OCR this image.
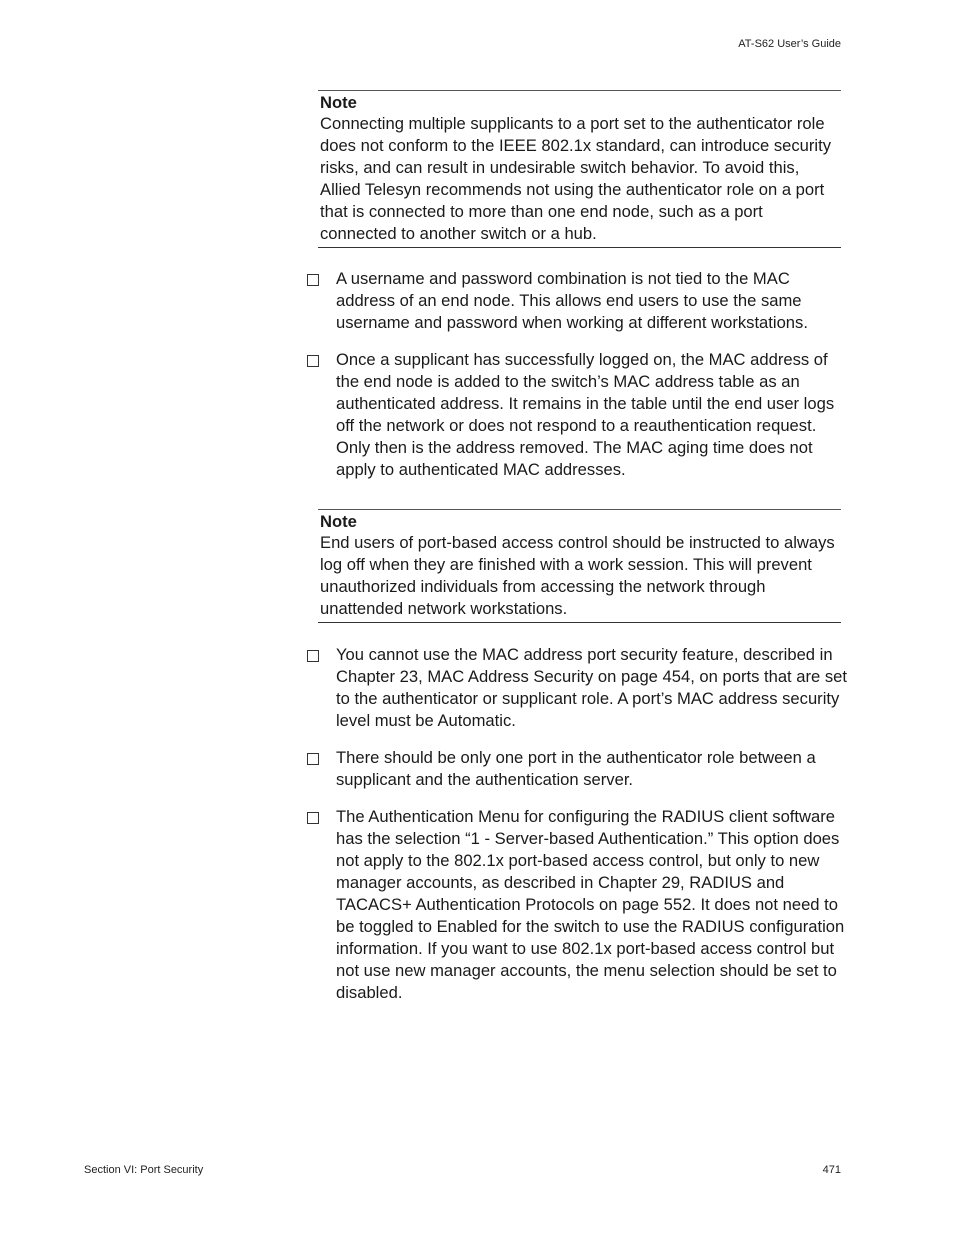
AT-S62 User’s Guide
Note
Connecting multiple supplicants to a port set to the authenticator role does not conform to the IEEE 802.1x standard, can introduce security risks, and can result in undesirable switch behavior. To avoid this, Allied Telesyn recommends not using the authenticator role on a port that is connected to more than one end node, such as a port connected to another switch or a hub.
A username and password combination is not tied to the MAC address of an end node. This allows end users to use the same username and password when working at different workstations.
Once a supplicant has successfully logged on, the MAC address of the end node is added to the switch’s MAC address table as an authenticated address. It remains in the table until the end user logs off the network or does not respond to a reauthentication request. Only then is the address removed. The MAC aging time does not apply to authenticated MAC addresses.
Note
End users of port-based access control should be instructed to always log off when they are finished with a work session. This will prevent unauthorized individuals from accessing the network through unattended network workstations.
You cannot use the MAC address port security feature, described in Chapter 23, MAC Address Security on page 454, on ports that are set to the authenticator or supplicant role. A port’s MAC address security level must be Automatic.
There should be only one port in the authenticator role between a supplicant and the authentication server.
The Authentication Menu for configuring the RADIUS client software has the selection “1 - Server-based Authentication.” This option does not apply to the 802.1x port-based access control, but only to new manager accounts, as described in Chapter 29, RADIUS and TACACS+ Authentication Protocols on page 552. It does not need to be toggled to Enabled for the switch to use the RADIUS configuration information. If you want to use 802.1x port-based access control but not use new manager accounts, the menu selection should be set to disabled.
Section VI: Port Security	471
